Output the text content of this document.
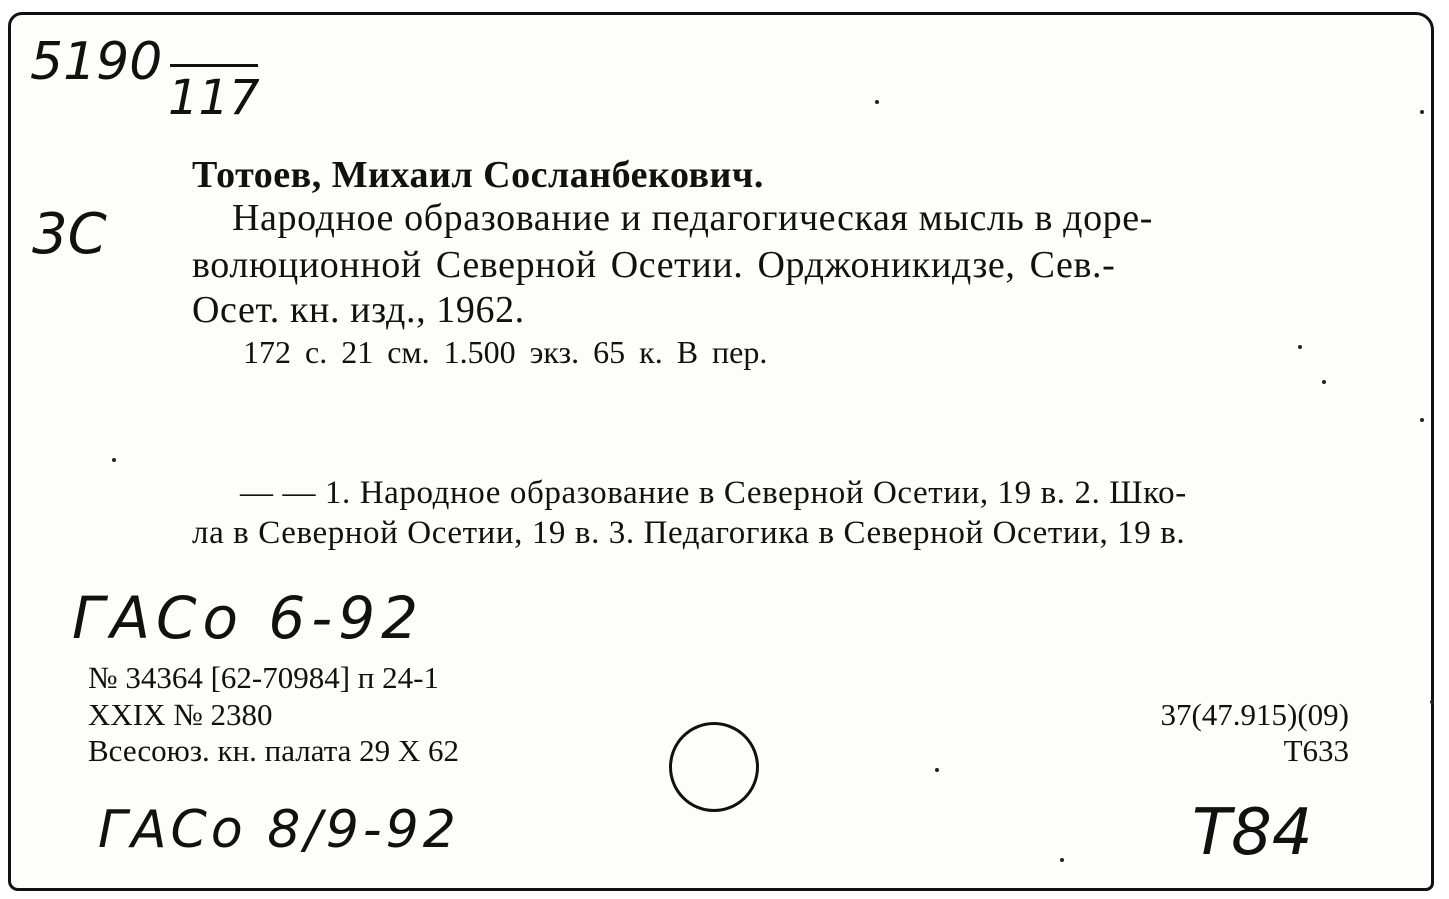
5190
117
3С
Тотоев, Михаил Сосланбекович.
Народное образование и педагогическая мысль в доре-
волюционной Северной Осетии. Орджоникидзе, Сев.-
Осет. кн. изд., 1962.
172 с. 21 см. 1.500 экз. 65 к. В пер.
— — 1. Народное образование в Северной Осетии, 19 в. 2. Шко-
ла в Северной Осетии, 19 в. 3. Педагогика в Северной Осетии, 19 в.
ГАСо 6-92
№ 34364 [62-70984] п 24-1
XXIX № 2380
Всесоюз. кн. палата 29 Х 62
37(47.915)(09)
Т633
ГАСо 8/9-92	Т84
